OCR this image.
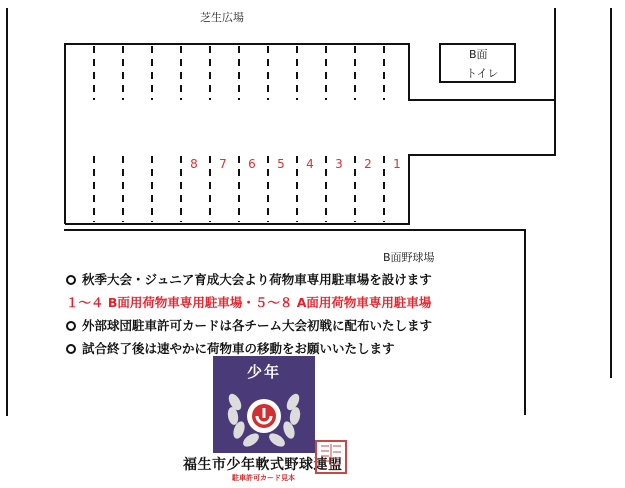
芝生広場
B面
トイレ
B面野球場
8	7	6	5	4	3	2	1
秋季大会・ジュニア育成大会より荷物車専用駐車場を設けます
１～４ B面用荷物車専用駐車場・５～８ A面用荷物車専用駐車場
外部球団駐車許可カードは各チーム大会初戦に配布いたします
試合終了後は速やかに荷物車の移動をお願いいたします
少年
福生市少年軟式野球連盟
駐車許可カード見本
